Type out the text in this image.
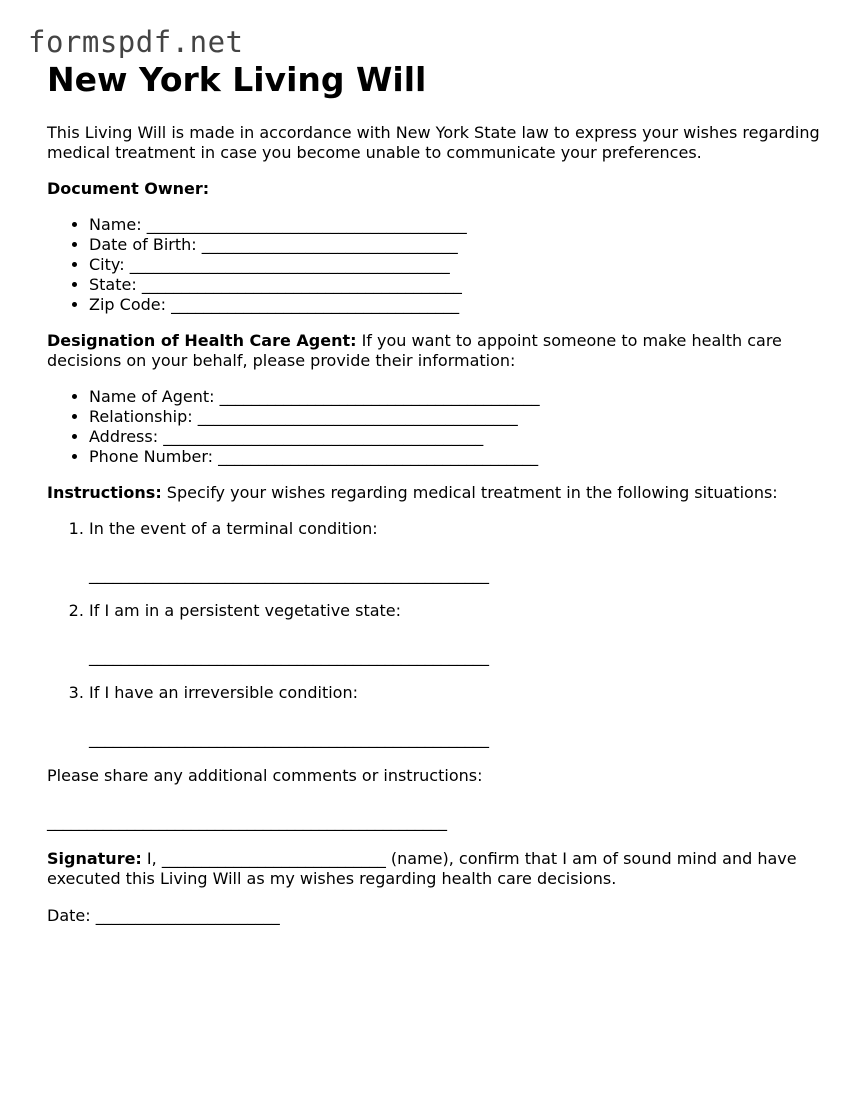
formspdf.net
New York Living Will

This Living Will is made in accordance with New York State law to express your wishes regarding medical treatment in case you become unable to communicate your preferences.

Document Owner:

• Name: ________________________________________
• Date of Birth: ________________________________
• City: ________________________________________
• State: ________________________________________
• Zip Code: ____________________________________

Designation of Health Care Agent: If you want to appoint someone to make health care decisions on your behalf, please provide their information:

• Name of Agent: ________________________________________
• Relationship: ________________________________________
• Address: ________________________________________
• Phone Number: ________________________________________

Instructions: Specify your wishes regarding medical treatment in the following situations:

1. In the event of a terminal condition:
__________________________________________________
2. If I am in a persistent vegetative state:
__________________________________________________
3. If I have an irreversible condition:
__________________________________________________

Please share any additional comments or instructions:

__________________________________________________

Signature: I, ____________________________ (name), confirm that I am of sound mind and have executed this Living Will as my wishes regarding health care decisions.

Date: _______________________
